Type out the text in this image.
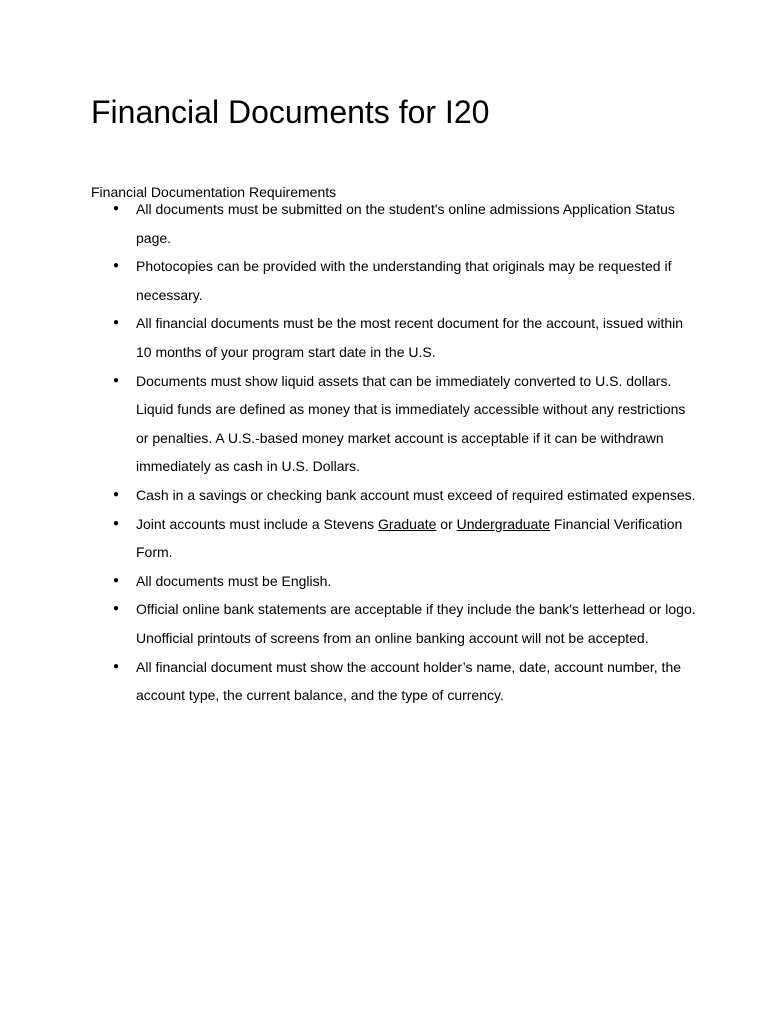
Financial Documents for I20

Financial Documentation Requirements

● All documents must be submitted on the student's online admissions Application Status page.
● Photocopies can be provided with the understanding that originals may be requested if necessary.
● All financial documents must be the most recent document for the account, issued within 10 months of your program start date in the U.S.
● Documents must show liquid assets that can be immediately converted to U.S. dollars. Liquid funds are defined as money that is immediately accessible without any restrictions or penalties. A U.S.-based money market account is acceptable if it can be withdrawn immediately as cash in U.S. Dollars.
● Cash in a savings or checking bank account must exceed of required estimated expenses.
● Joint accounts must include a Stevens Graduate or Undergraduate Financial Verification Form.
● All documents must be English.
● Official online bank statements are acceptable if they include the bank's letterhead or logo. Unofficial printouts of screens from an online banking account will not be accepted.
● All financial document must show the account holder’s name, date, account number, the account type, the current balance, and the type of currency.
